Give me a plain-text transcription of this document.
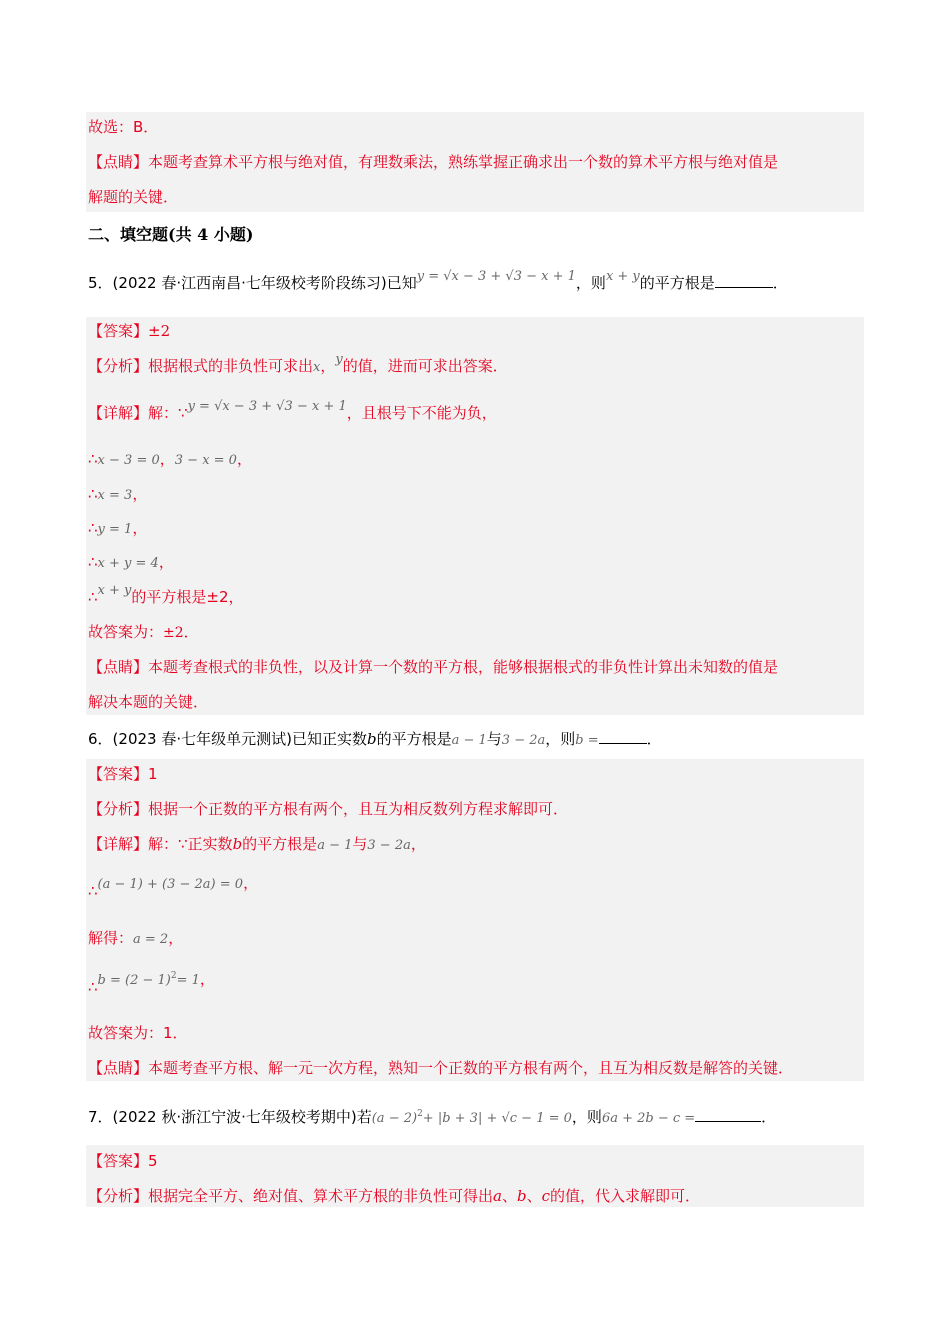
故选：B．
【点睛】本题考查算术平方根与绝对值，有理数乘法，熟练掌握正确求出一个数的算术平方根与绝对值是
解题的关键．
二、填空题(共 4 小题)
5．(2022 春·江西南昌·七年级校考阶段练习)已知y = √x − 3 + √3 − x + 1，则x + y的平方根是	．
【答案】±2
【分析】根据根式的非负性可求出x，y的值，进而可求出答案．
【详解】解：∵y = √x − 3 + √3 − x + 1，且根号下不能为负，
∴x − 3 = 0，3 − x = 0，
∴x = 3，
∴y = 1，
∴x + y = 4，
∴x + y的平方根是±2，
故答案为：±2．
【点睛】本题考查根式的非负性，以及计算一个数的平方根，能够根据根式的非负性计算出未知数的值是
解决本题的关键．
6．(2023 春·七年级单元测试)已知正实数b的平方根是a − 1与3 − 2a，则b =	．
【答案】1
【分析】根据一个正数的平方根有两个，且互为相反数列方程求解即可．
【详解】解：∵正实数b的平方根是a − 1与3 − 2a，
∴(a − 1) + (3 − 2a) = 0，
解得：a = 2，
∴b = $(2 - 1)^2= 1$，
故答案为：1．
【点睛】本题考查平方根、解一元一次方程，熟知一个正数的平方根有两个，且互为相反数是解答的关键．
7．(2022 秋·浙江宁波·七年级校考期中)若$(a - 2)^2+ |b + 3| + √c - 1 = 0$，则6a + 2b − c =	．
【答案】5
【分析】根据完全平方、绝对值、算术平方根的非负性可得出a、b、c的值，代入求解即可．
